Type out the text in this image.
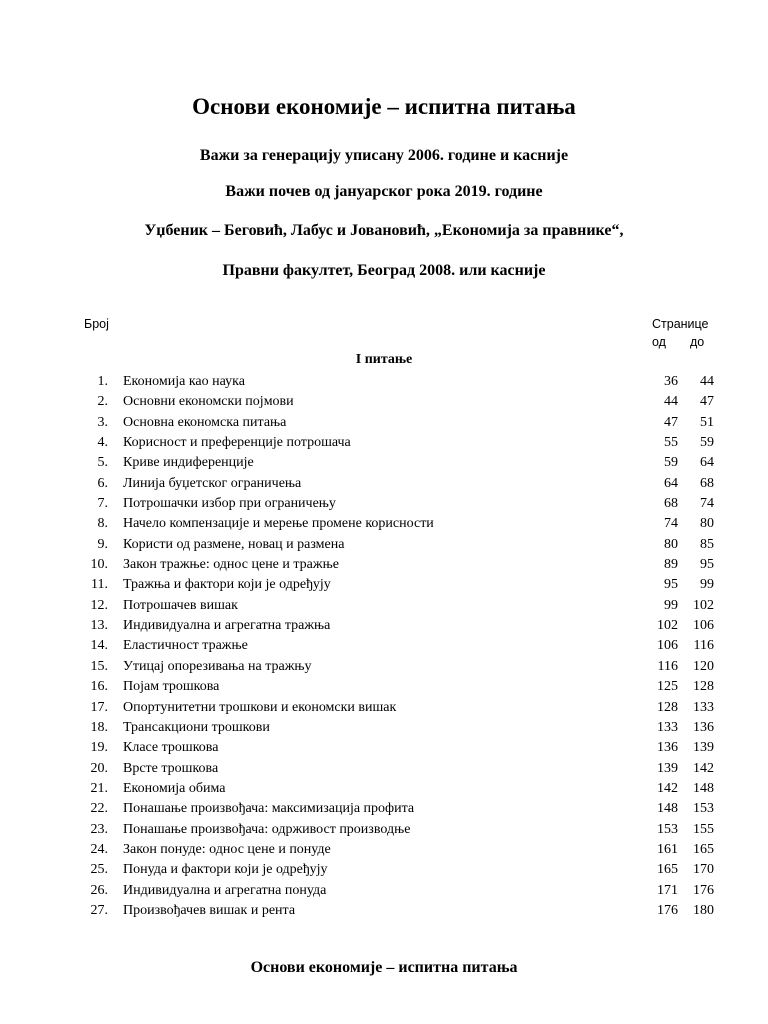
Основи економије – испитна питања
Важи за генерацију уписану 2006. године и касније
Важи почев од јануарског рока 2019. године
Уџбеник – Беговић, Лабус и Јовановић, „Економија за правнике“,
Правни факултет, Београд 2008. или касније
Број	Странице
од до
I питање
1. Економија као наука	36 44
2. Основни економски појмови	44 47
3. Основна економска питања	47 51
4. Корисност и преференције потрошача	55 59
5. Криве индиференције	59 64
6. Линија буџетског ограничења	64 68
7. Потрошачки избор при ограничењу	68 74
8. Начело компензације и мерење промене корисности	74 80
9. Користи од размене, новац и размена	80 85
10. Закон тражње: однос цене и тражње	89 95
11. Тражња и фактори који је одређују	95 99
12. Потрошачев вишак	99 102
13. Индивидуална и агрегатна тражња	102 106
14. Еластичност тражње	106 116
15. Утицај опорезивања на тражњу	116 120
16. Појам трошкова	125 128
17. Опортунитетни трошкови и економски вишак	128 133
18. Трансакциони трошкови	133 136
19. Класе трошкова	136 139
20. Врсте трошкова	139 142
21. Економија обима	142 148
22. Понашање произвођача: максимизација профита	148 153
23. Понашање произвођача: одрживост производње	153 155
24. Закон понуде: однос цене и понуде	161 165
25. Понуда и фактори који је одређују	165 170
26. Индивидуална и агрегатна понуда	171 176
27. Произвођачев вишак и рента	176 180
Основи економије – испитна питања
